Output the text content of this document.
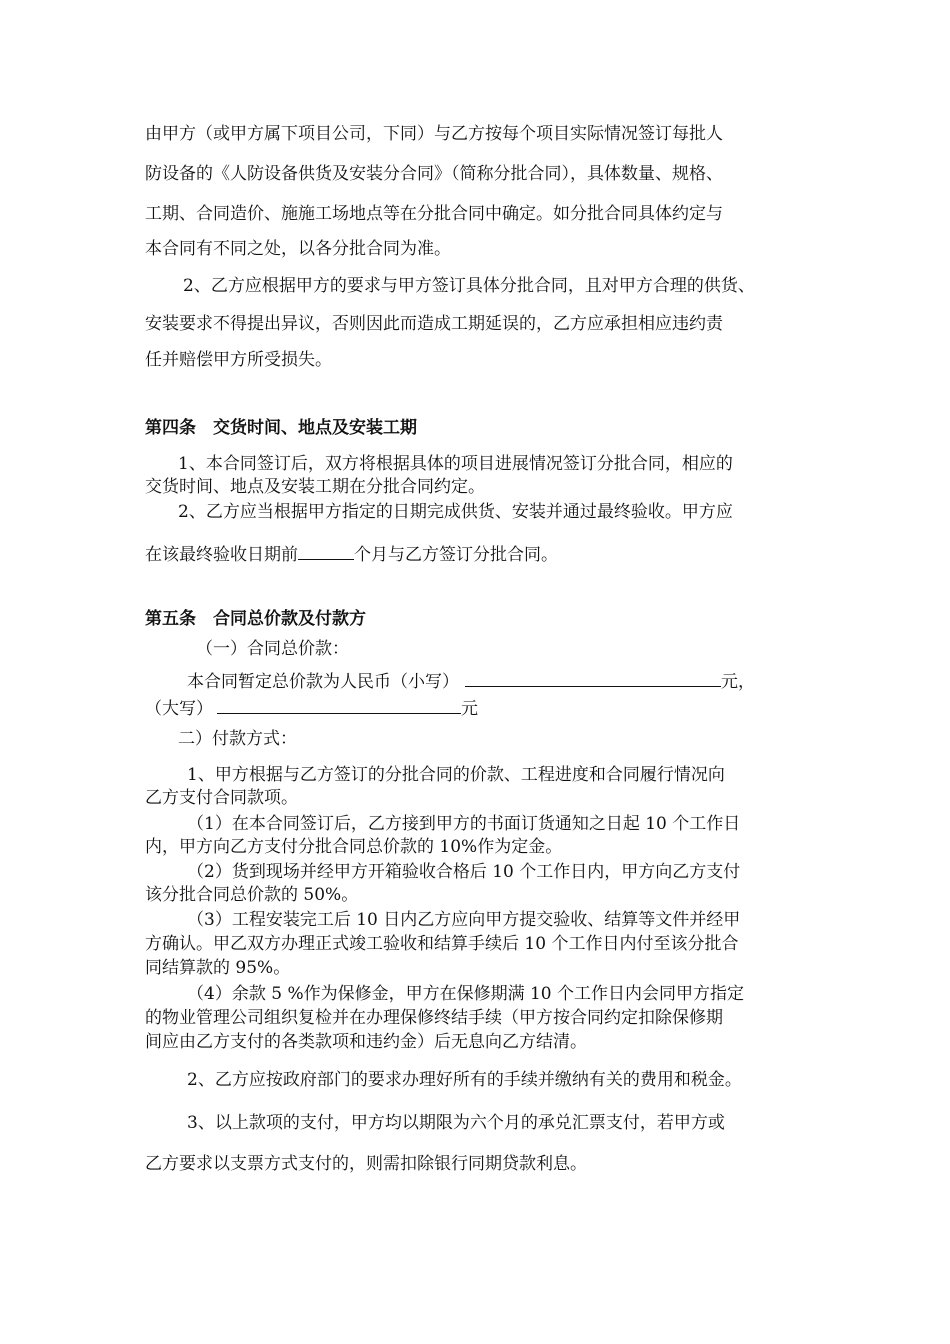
由甲方（或甲方属下项目公司，下同）与乙方按每个项目实际情况签订每批人
防设备的《人防设备供货及安装分合同》（简称分批合同），具体数量、规格、
工期、合同造价、施施工场地点等在分批合同中确定。如分批合同具体约定与
本合同有不同之处，以各分批合同为准。
2、乙方应根据甲方的要求与甲方签订具体分批合同，且对甲方合理的供货、
安装要求不得提出异议，否则因此而造成工期延误的，乙方应承担相应违约责
任并赔偿甲方所受损失。
第四条　交货时间、地点及安装工期
1、本合同签订后，双方将根据具体的项目进展情况签订分批合同，相应的
交货时间、地点及安装工期在分批合同约定。
2、乙方应当根据甲方指定的日期完成供货、安装并通过最终验收。甲方应
在该最终验收日期前	个月与乙方签订分批合同。
第五条　合同总价款及付款方
（一）合同总价款：
本合同暂定总价款为人民币（小写）	元，
（大写）	元
二）付款方式：
1、甲方根据与乙方签订的分批合同的价款、工程进度和合同履行情况向
乙方支付合同款项。
（1）在本合同签订后，乙方接到甲方的书面订货通知之日起 10 个工作日
内，甲方向乙方支付分批合同总价款的 10%作为定金。
（2）货到现场并经甲方开箱验收合格后 10 个工作日内，甲方向乙方支付
该分批合同总价款的 50%。
（3）工程安装完工后 10 日内乙方应向甲方提交验收、结算等文件并经甲
方确认。甲乙双方办理正式竣工验收和结算手续后 10 个工作日内付至该分批合
同结算款的 95%。
（4）余款 5 %作为保修金，甲方在保修期满 10 个工作日内会同甲方指定
的物业管理公司组织复检并在办理保修终结手续（甲方按合同约定扣除保修期
间应由乙方支付的各类款项和违约金）后无息向乙方结清。
2、乙方应按政府部门的要求办理好所有的手续并缴纳有关的费用和税金。
3、以上款项的支付，甲方均以期限为六个月的承兑汇票支付，若甲方或
乙方要求以支票方式支付的，则需扣除银行同期贷款利息。
